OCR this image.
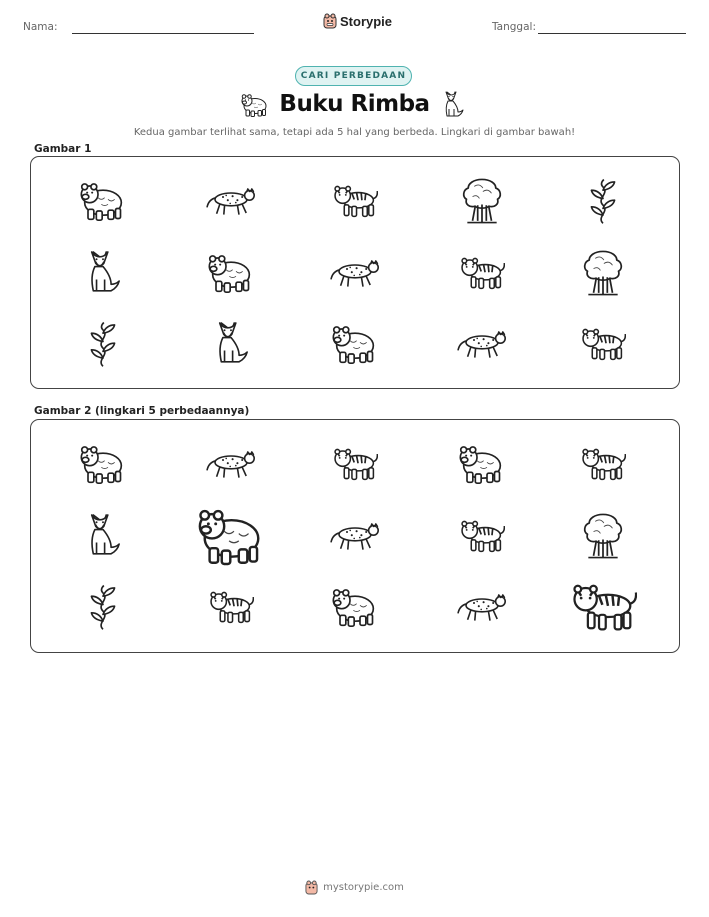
Nama:	Storypie	Tanggal:
CARI PERBEDAAN
Buku Rimba
Kedua gambar terlihat sama, tetapi ada 5 hal yang berbeda. Lingkari di gambar bawah!
Gambar 1
Gambar 2 (lingkari 5 perbedaannya)
mystorypie.com
